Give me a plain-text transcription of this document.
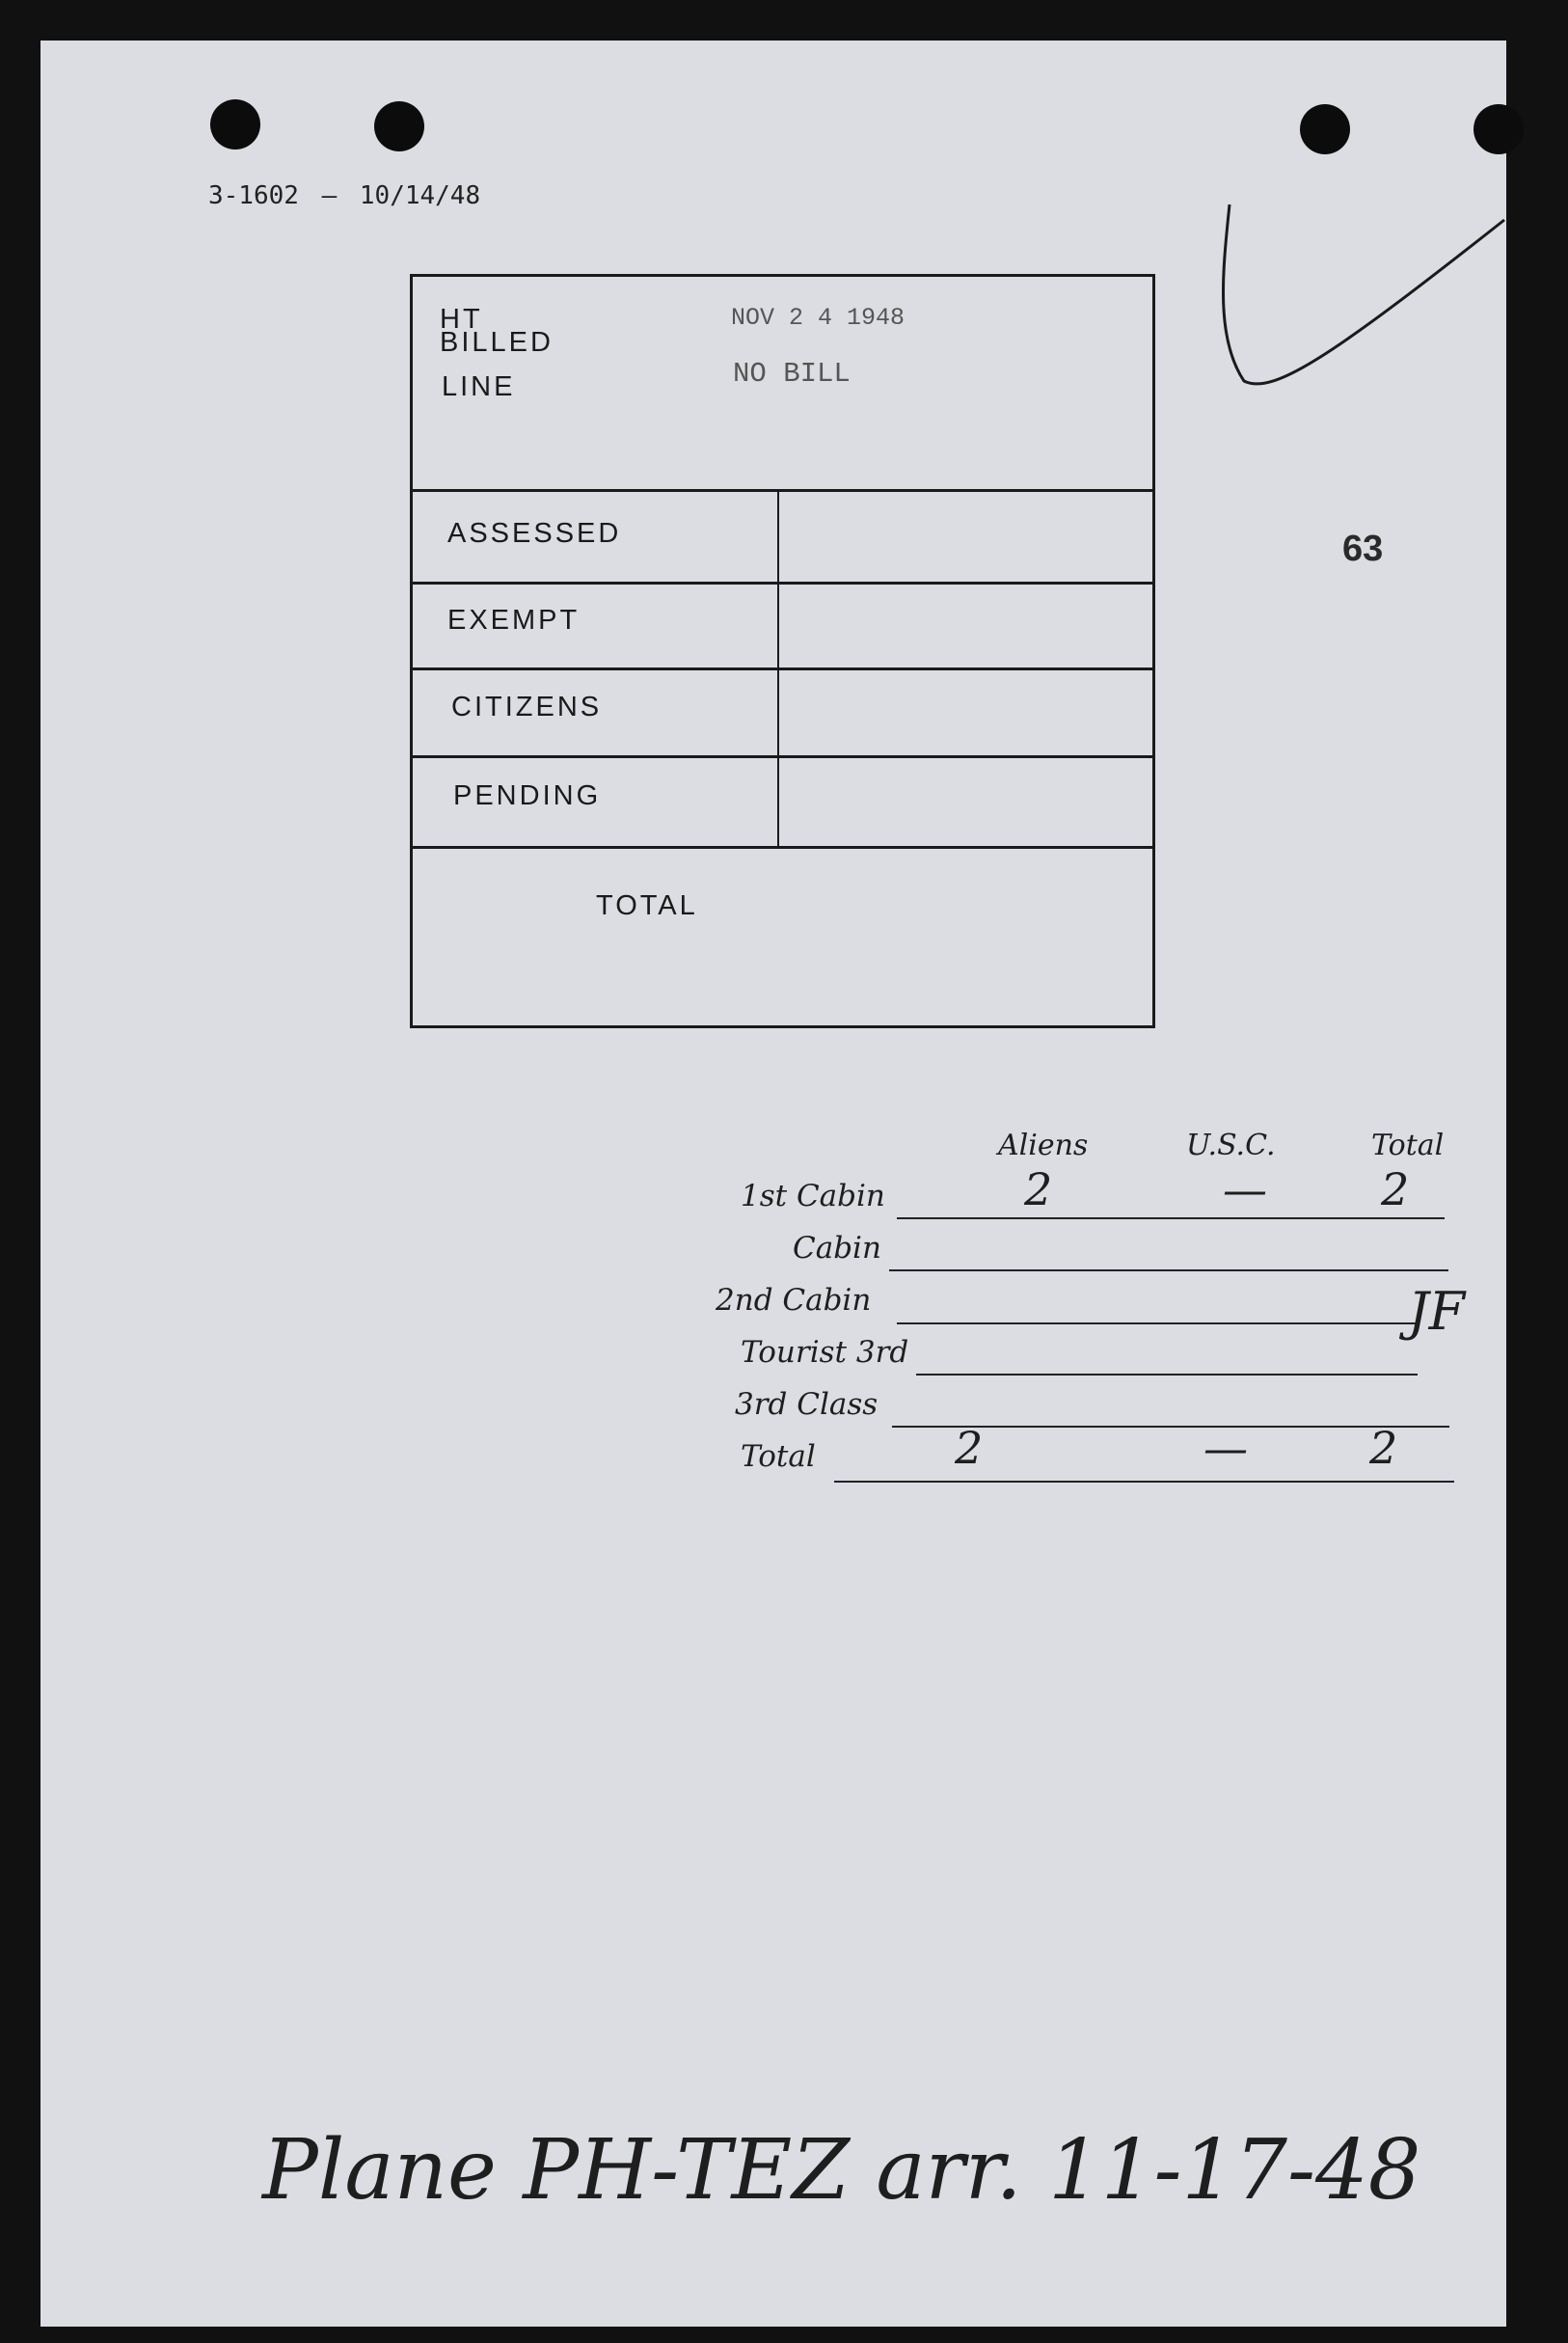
3-1602 — 10/14/48
63
HT
BILLED
LINE
NOV 2 4 1948
NO BILL
ASSESSED
EXEMPT
CITIZENS
PENDING
TOTAL
Aliens	U.S.C.	Total
1st Cabin	2	—	2
Cabin
2nd Cabin
Tourist 3rd
3rd Class
Total	2	—	2
JF
Plane PH-TEZ arr. 11-17-48
